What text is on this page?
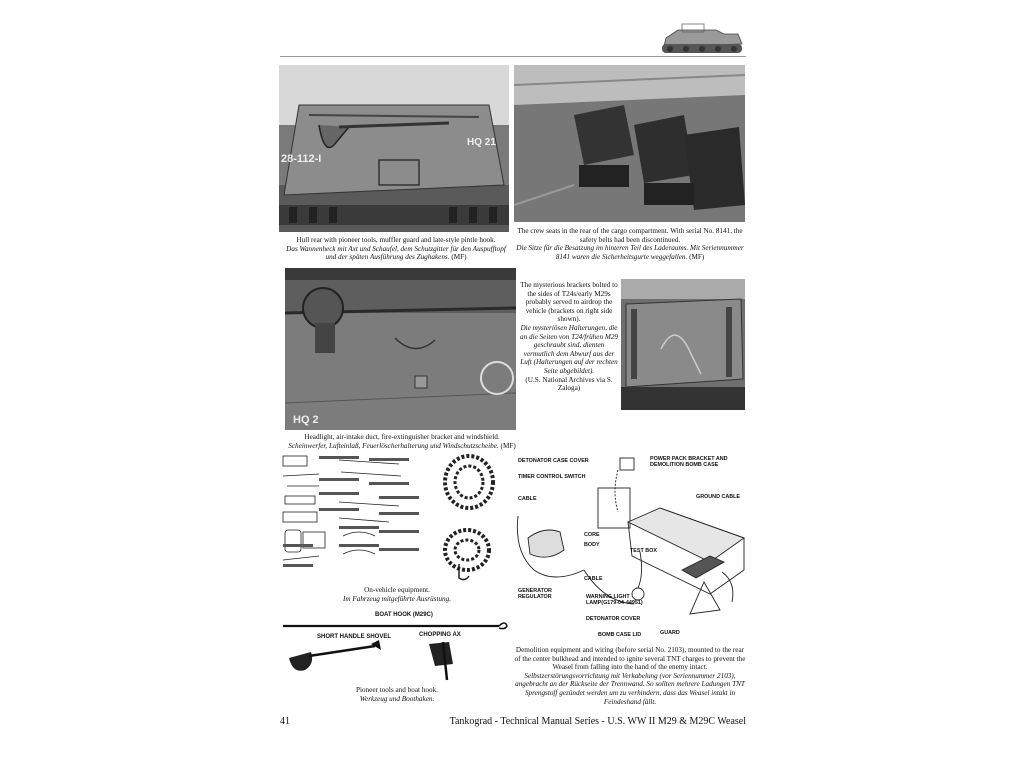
28-112-I
HQ 21
HQ 2
Hull rear with pioneer tools, muffler guard and late-style pintle hook.
Das Wannenheck mit Axt und Schaufel, dem Schutzgitter für den Auspufftopf und der späten Ausführung des Zughakens. (MF)
The crew seats in the rear of the cargo compartment. With serial No. 8141, the safety belts had been discontinued.
Die Sitze für die Besatzung im hinteren Teil des Laderaums. Mit Seriennummer 8141 waren die Sicherheitsgurte weggefallen. (MF)
The mysterious brackets bolted to the sides of T24s/early M29s probably served to airdrop the vehicle (brackets on right side shown).
Die mysteriösen Halterungen, die an die Seiten von T24/frühen M29 geschraubt sind, dienten vermutlich dem Abwurf aus der Luft (Halterungen auf der rechten Seite abgebildet).
(U.S. National Archives via S. Zaloga)
Headlight, air-intake duct, fire-extinguisher bracket and windshield.
Scheinwerfer, Lufteinlaß, Feuerlöscherhalterung und Windschutzscheibe. (MF)
On-vehicle equipment.
Im Fahrzeug mitgeführte Ausrüstung.
BOAT HOOK (M29C)
SHORT HANDLE SHOVEL	CHOPPING AX
Pioneer tools and boat hook.
Werkzeug und Boothaken.
DETONATOR CASE COVER	POWER PACK BRACKET AND DEMOLITION BOMB CASE
TIMER CONTROL SWITCH
CABLE	GROUND CABLE
CORE
BODY
TEST BOX
CABLE
GENERATOR REGULATOR	WARNING LIGHT LAMP(G179-04-44951)
DETONATOR COVER
BOMB CASE LID	GUARD
Demolition equipment and wiring (before serial No. 2103), mounted to the rear of the center bulkhead and intended to ignite several TNT charges to prevent the Weasel from falling into the hand of the enemy intact.
Selbstzerstörungsvorrichtung mit Verkabelung (vor Seriennummer 2103), angebracht an der Rückseite der Trennwand. So sollten mehrere Ladungen TNT Sprengstoff gezündet werden um zu verhindern, dass das Weasel intakt in Feindeshand fällt.
41	Tankograd - Technical Manual Series - U.S. WW II M29 & M29C Weasel
